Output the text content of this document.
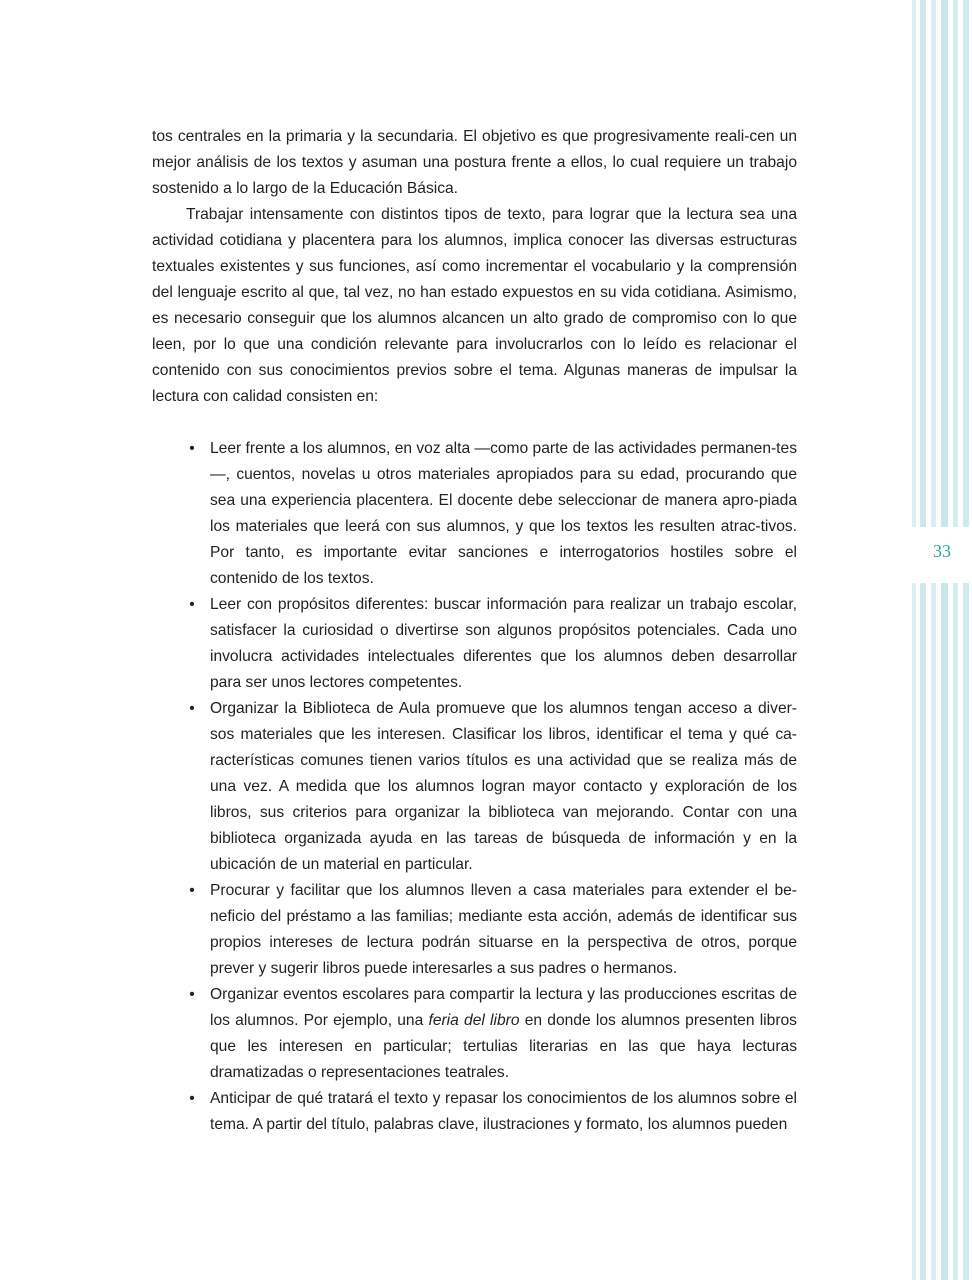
33

tos centrales en la primaria y la secundaria. El objetivo es que progresivamente reali-cen un mejor análisis de los textos y asuman una postura frente a ellos, lo cual requiere un trabajo sostenido a lo largo de la Educación Básica.

Trabajar intensamente con distintos tipos de texto, para lograr que la lectura sea una actividad cotidiana y placentera para los alumnos, implica conocer las diversas estructuras textuales existentes y sus funciones, así como incrementar el vocabulario y la comprensión del lenguaje escrito al que, tal vez, no han estado expuestos en su vida cotidiana. Asimismo, es necesario conseguir que los alumnos alcancen un alto grado de compromiso con lo que leen, por lo que una condición relevante para involucrarlos con lo leído es relacionar el contenido con sus conocimientos previos sobre el tema. Algunas maneras de impulsar la lectura con calidad consisten en:

• Leer frente a los alumnos, en voz alta —como parte de las actividades permanen-tes—, cuentos, novelas u otros materiales apropiados para su edad, procurando que sea una experiencia placentera. El docente debe seleccionar de manera apro-piada los materiales que leerá con sus alumnos, y que los textos les resulten atrac-tivos. Por tanto, es importante evitar sanciones e interrogatorios hostiles sobre el contenido de los textos.
• Leer con propósitos diferentes: buscar información para realizar un trabajo escolar, satisfacer la curiosidad o divertirse son algunos propósitos potenciales. Cada uno involucra actividades intelectuales diferentes que los alumnos deben desarrollar para ser unos lectores competentes.
• Organizar la Biblioteca de Aula promueve que los alumnos tengan acceso a diver-sos materiales que les interesen. Clasificar los libros, identificar el tema y qué ca-racterísticas comunes tienen varios títulos es una actividad que se realiza más de una vez. A medida que los alumnos logran mayor contacto y exploración de los libros, sus criterios para organizar la biblioteca van mejorando. Contar con una biblioteca organizada ayuda en las tareas de búsqueda de información y en la ubicación de un material en particular.
• Procurar y facilitar que los alumnos lleven a casa materiales para extender el be-neficio del préstamo a las familias; mediante esta acción, además de identificar sus propios intereses de lectura podrán situarse en la perspectiva de otros, porque prever y sugerir libros puede interesarles a sus padres o hermanos.
• Organizar eventos escolares para compartir la lectura y las producciones escritas de los alumnos. Por ejemplo, una feria del libro en donde los alumnos presenten libros que les interesen en particular; tertulias literarias en las que haya lecturas dramatizadas o representaciones teatrales.
• Anticipar de qué tratará el texto y repasar los conocimientos de los alumnos sobre el tema. A partir del título, palabras clave, ilustraciones y formato, los alumnos pueden
